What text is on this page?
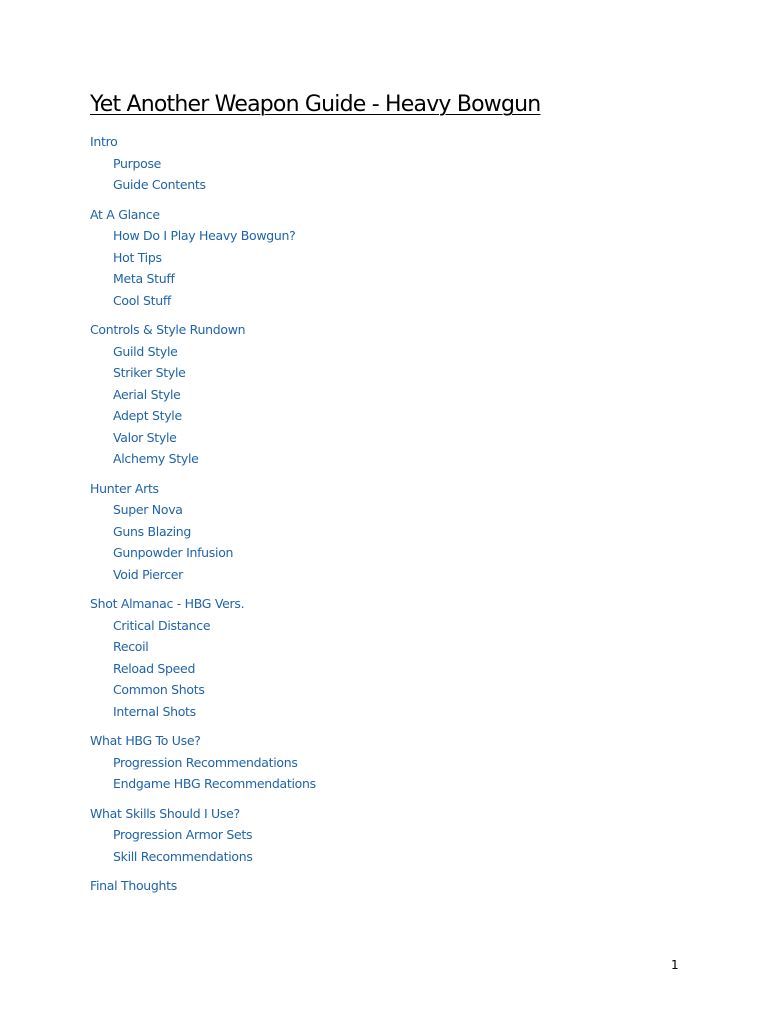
Yet Another Weapon Guide - Heavy Bowgun
Intro
Purpose
Guide Contents
At A Glance
How Do I Play Heavy Bowgun?
Hot Tips
Meta Stuff
Cool Stuff
Controls & Style Rundown
Guild Style
Striker Style
Aerial Style
Adept Style
Valor Style
Alchemy Style
Hunter Arts
Super Nova
Guns Blazing
Gunpowder Infusion
Void Piercer
Shot Almanac - HBG Vers.
Critical Distance
Recoil
Reload Speed
Common Shots
Internal Shots
What HBG To Use?
Progression Recommendations
Endgame HBG Recommendations
What Skills Should I Use?
Progression Armor Sets
Skill Recommendations
Final Thoughts
1
